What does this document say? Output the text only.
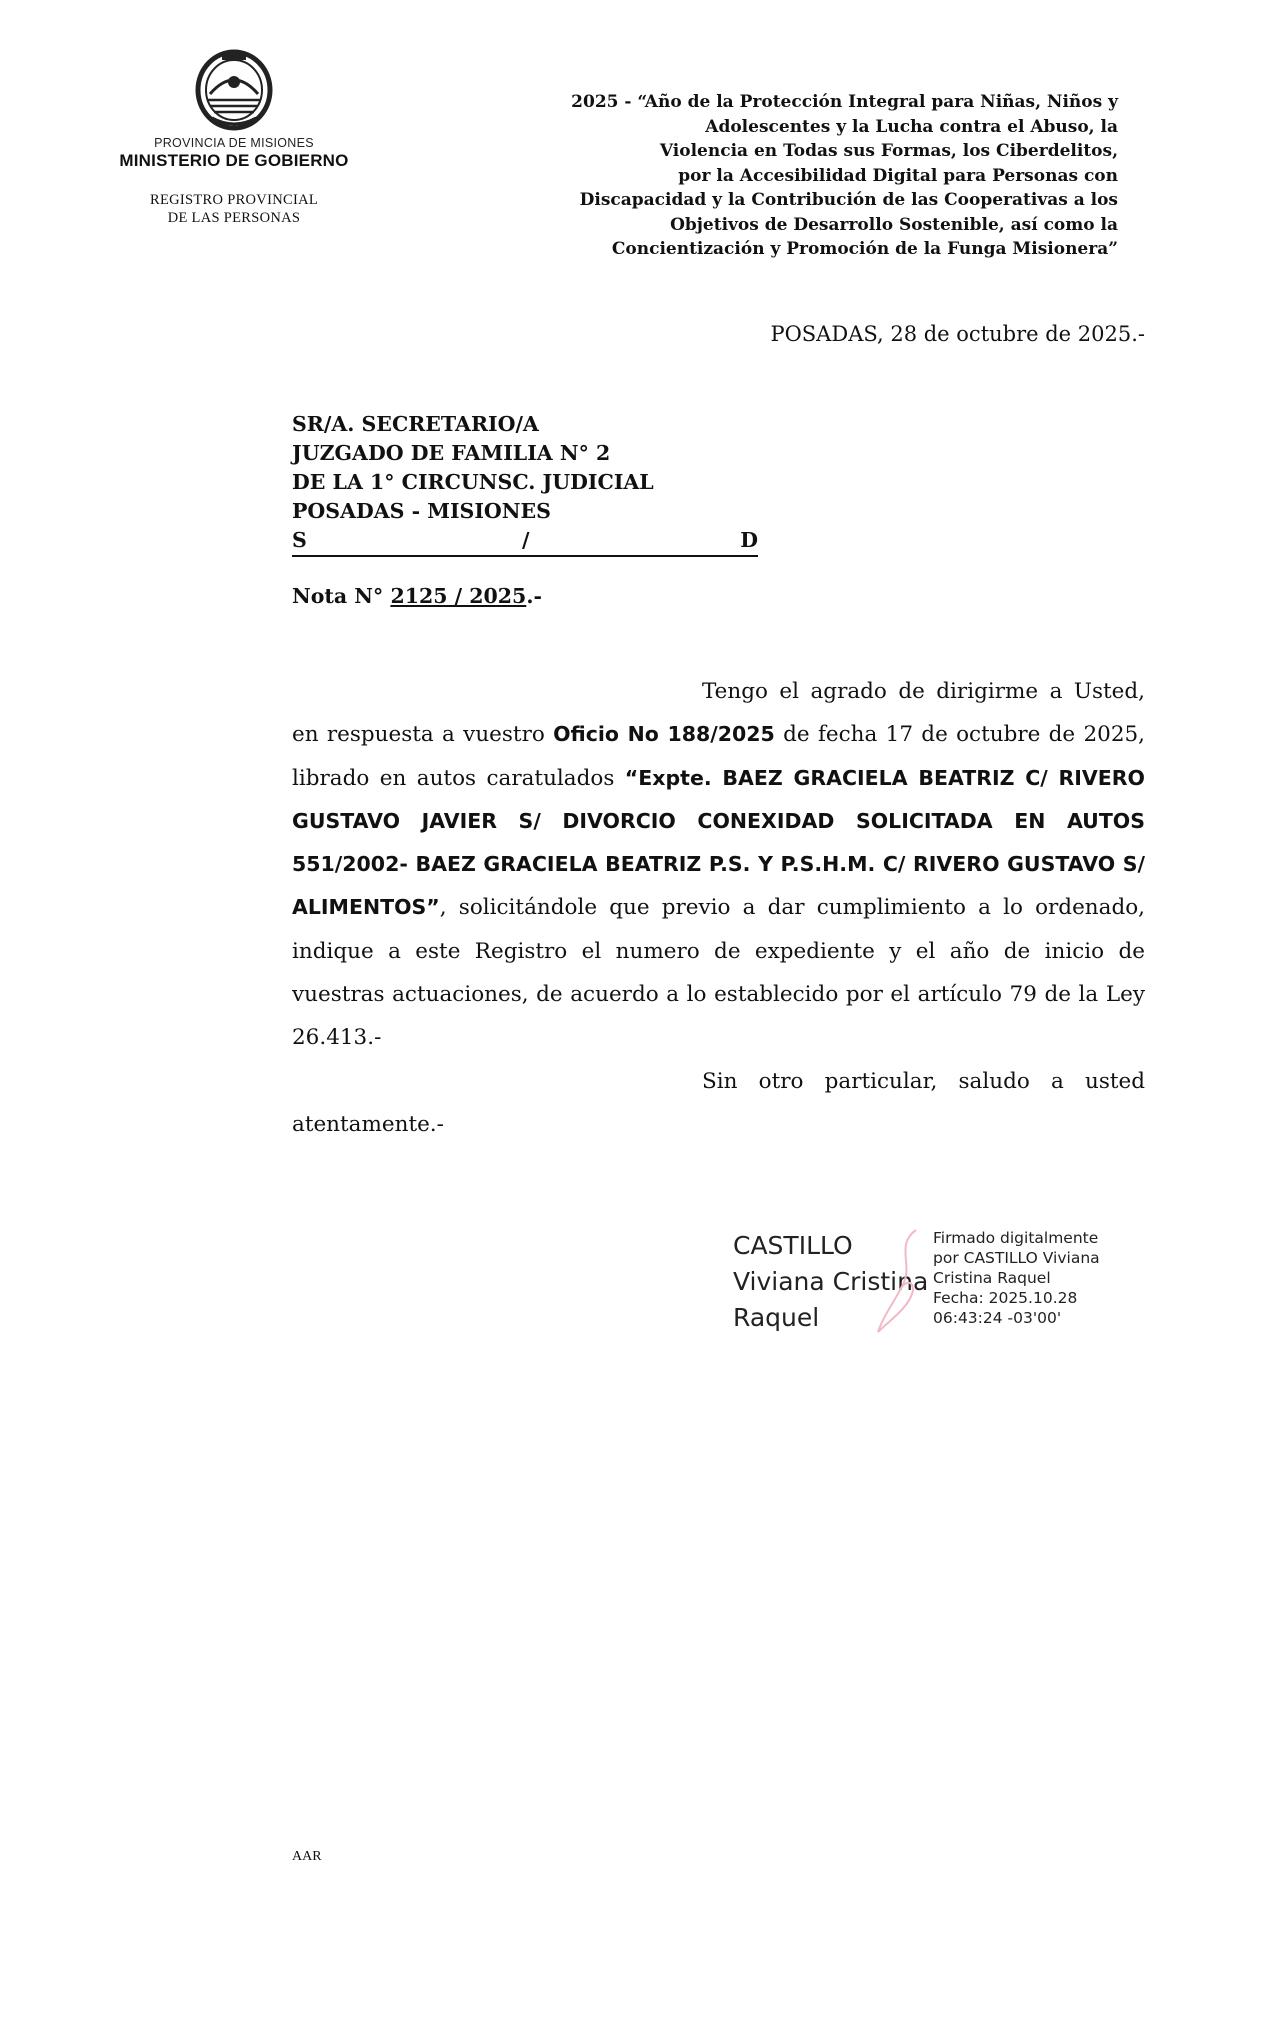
PROVINCIA DE MISIONES
MINISTERIO DE GOBIERNO
REGISTRO PROVINCIAL
DE LAS PERSONAS
2025 - “Año de la Protección Integral para Niñas, Niños y
Adolescentes y la Lucha contra el Abuso, la
Violencia en Todas sus Formas, los Ciberdelitos,
por la Accesibilidad Digital para Personas con
Discapacidad y la Contribución de las Cooperativas a los
Objetivos de Desarrollo Sostenible, así como la
Concientización y Promoción de la Funga Misionera”
POSADAS, 28 de octubre de 2025.-
SR/A. SECRETARIO/A
JUZGADO DE FAMILIA N° 2
DE LA 1° CIRCUNSC. JUDICIAL
POSADAS - MISIONES
S	/	D
Nota N° 2125 / 2025.-

Tengo el agrado de dirigirme a Usted, en respuesta a vuestro Oficio No 188/2025 de fecha 17 de octubre de 2025, librado en autos caratulados “Expte. BAEZ GRACIELA BEATRIZ C/ RIVERO GUSTAVO JAVIER S/ DIVORCIO CONEXIDAD SOLICITADA EN AUTOS 551/2002- BAEZ GRACIELA BEATRIZ P.S. Y P.S.H.M. C/ RIVERO GUSTAVO S/ ALIMENTOS”, solicitándole que previo a dar cumplimiento a lo ordenado, indique a este Registro el numero de expediente y el año de inicio de vuestras actuaciones, de acuerdo a lo establecido por el artículo 79 de la Ley 26.413.-

Sin otro particular, saludo a usted atentamente.-

CASTILLO
Viviana Cristina
Raquel
Firmado digitalmente
por CASTILLO Viviana
Cristina Raquel
Fecha: 2025.10.28
06:43:24 -03'00'
AAR
